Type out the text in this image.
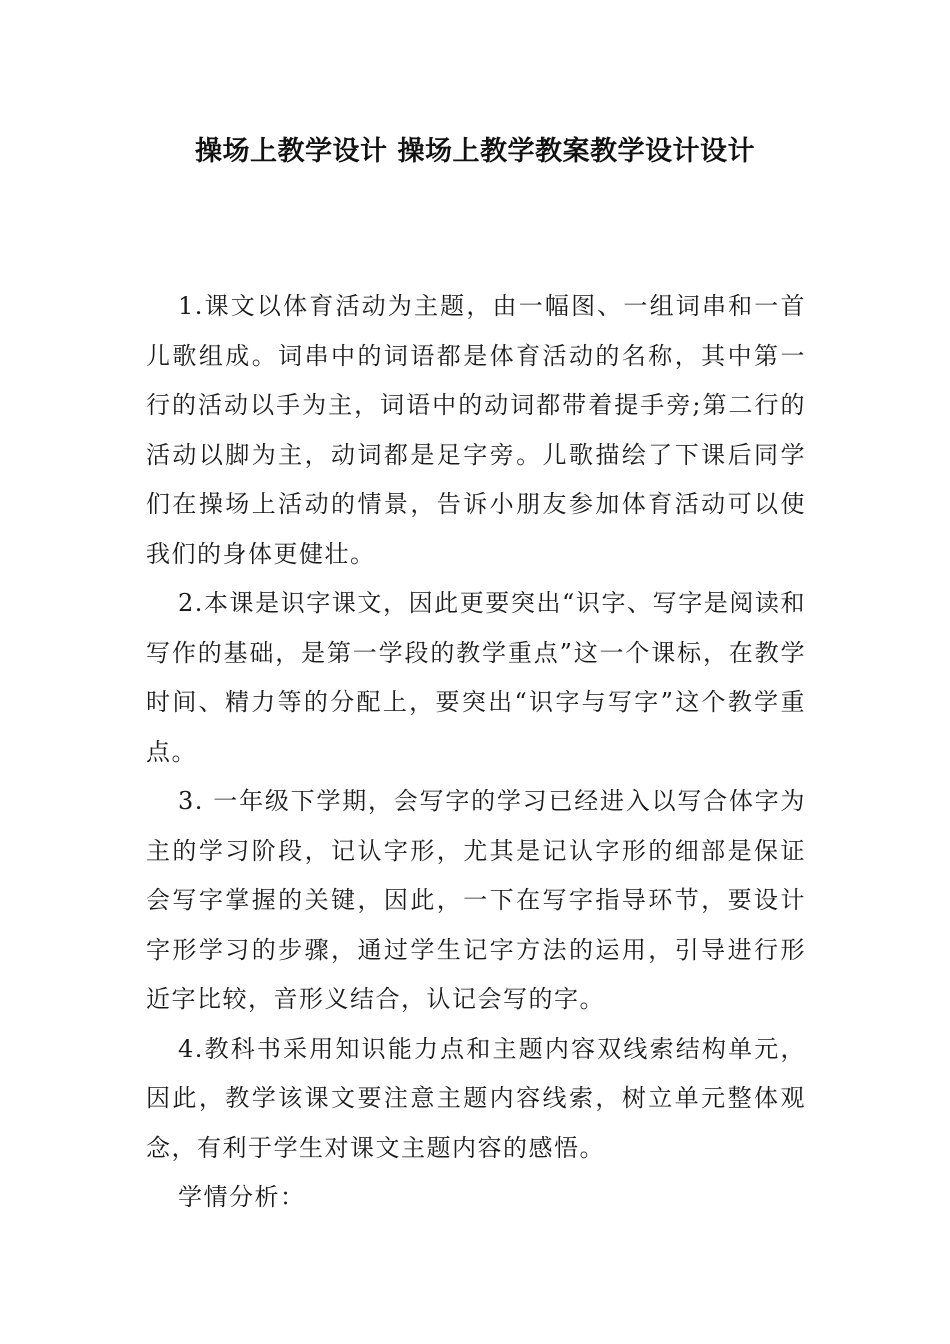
操场上教学设计 操场上教学教案教学设计设计

1.课文以体育活动为主题，由一幅图、一组词串和一首儿歌组成。词串中的词语都是体育活动的名称，其中第一行的活动以手为主，词语中的动词都带着提手旁;第二行的活动以脚为主，动词都是足字旁。儿歌描绘了下课后同学们在操场上活动的情景，告诉小朋友参加体育活动可以使我们的身体更健壮。

2.本课是识字课文，因此更要突出“识字、写字是阅读和写作的基础，是第一学段的教学重点”这一个课标，在教学时间、精力等的分配上，要突出“识字与写字”这个教学重点。

3. 一年级下学期，会写字的学习已经进入以写合体字为主的学习阶段，记认字形，尤其是记认字形的细部是保证会写字掌握的关键，因此，一下在写字指导环节，要设计字形学习的步骤，通过学生记字方法的运用，引导进行形近字比较，音形义结合，认记会写的字。

4.教科书采用知识能力点和主题内容双线索结构单元，因此，教学该课文要注意主题内容线索，树立单元整体观念，有利于学生对课文主题内容的感悟。

学情分析：
